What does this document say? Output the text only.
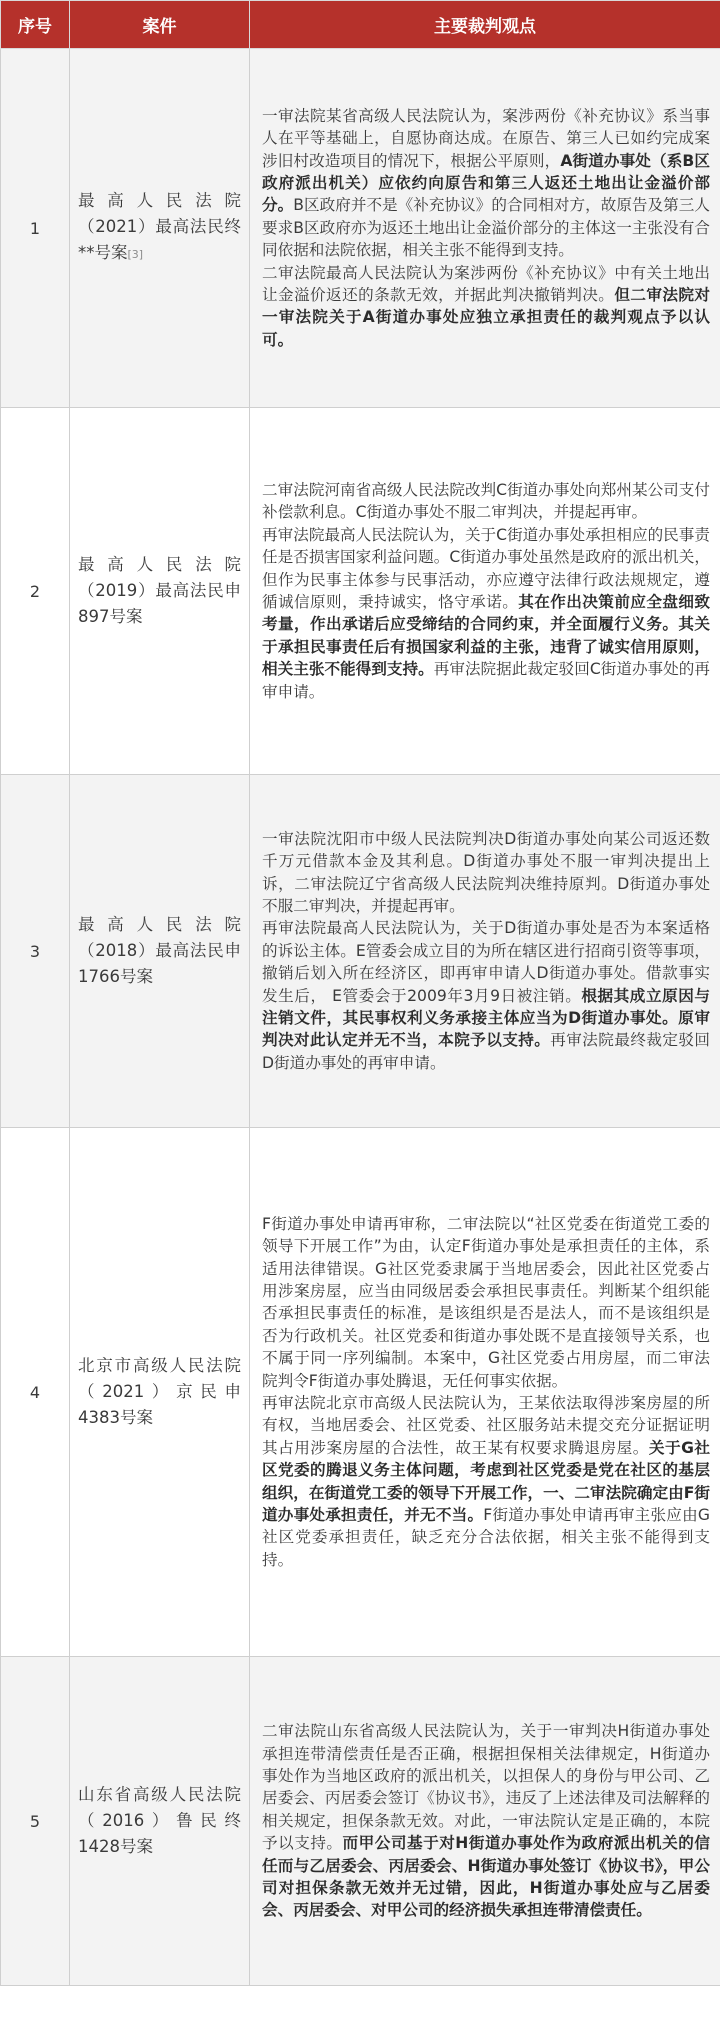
序号	案件	主要裁判观点
1	最高人民法院（2021）最高法民终**号案[3]	一审法院某省高级人民法院认为，案涉两份《补充协议》系当事人在平等基础上，自愿协商达成。在原告、第三人已如约完成案涉旧村改造项目的情况下，根据公平原则，A街道办事处（系B区政府派出机关）应依约向原告和第三人返还土地出让金溢价部分。B区政府并不是《补充协议》的合同相对方，故原告及第三人要求B区政府亦为返还土地出让金溢价部分的主体这一主张没有合同依据和法院依据，相关主张不能得到支持。

二审法院最高人民法院认为案涉两份《补充协议》中有关土地出让金溢价返还的条款无效，并据此判决撤销判决。但二审法院对一审法院关于A街道办事处应独立承担责任的裁判观点予以认可。

2	最高人民法院（2019）最高法民申897号案	二审法院河南省高级人民法院改判C街道办事处向郑州某公司支付补偿款利息。C街道办事处不服二审判决，并提起再审。

再审法院最高人民法院认为，关于C街道办事处承担相应的民事责任是否损害国家利益问题。C街道办事处虽然是政府的派出机关，但作为民事主体参与民事活动，亦应遵守法律行政法规规定，遵循诚信原则，秉持诚实，恪守承诺。其在作出决策前应全盘细致考量，作出承诺后应受缔结的合同约束，并全面履行义务。其关于承担民事责任后有损国家利益的主张，违背了诚实信用原则，相关主张不能得到支持。再审法院据此裁定驳回C街道办事处的再审申请。

3	最高人民法院（2018）最高法民申1766号案	一审法院沈阳市中级人民法院判决D街道办事处向某公司返还数千万元借款本金及其利息。D街道办事处不服一审判决提出上诉，二审法院辽宁省高级人民法院判决维持原判。D街道办事处不服二审判决，并提起再审。

再审法院最高人民法院认为，关于D街道办事处是否为本案适格的诉讼主体。E管委会成立目的为所在辖区进行招商引资等事项，撤销后划入所在经济区，即再审申请人D街道办事处。借款事实发生后， E管委会于2009年3月9日被注销。根据其成立原因与注销文件，其民事权利义务承接主体应当为D街道办事处。原审判决对此认定并无不当，本院予以支持。再审法院最终裁定驳回D街道办事处的再审申请。

4	北京市高级人民法院（2021）京民申4383号案	F街道办事处申请再审称，二审法院以“社区党委在街道党工委的领导下开展工作”为由，认定F街道办事处是承担责任的主体，系适用法律错误。G社区党委隶属于当地居委会，因此社区党委占用涉案房屋，应当由同级居委会承担民事责任。判断某个组织能否承担民事责任的标准，是该组织是否是法人，而不是该组织是否为行政机关。社区党委和街道办事处既不是直接领导关系，也不属于同一序列编制。本案中，G社区党委占用房屋，而二审法院判令F街道办事处腾退，无任何事实依据。

再审法院北京市高级人民法院认为，王某依法取得涉案房屋的所有权，当地居委会、社区党委、社区服务站未提交充分证据证明其占用涉案房屋的合法性，故王某有权要求腾退房屋。关于G社区党委的腾退义务主体问题，考虑到社区党委是党在社区的基层组织，在街道党工委的领导下开展工作，一、二审法院确定由F街道办事处承担责任，并无不当。F街道办事处申请再审主张应由G社区党委承担责任，缺乏充分合法依据，相关主张不能得到支持。

5	山东省高级人民法院（2016）鲁民终1428号案	二审法院山东省高级人民法院认为，关于一审判决H街道办事处承担连带清偿责任是否正确，根据担保相关法律规定，H街道办事处作为当地区政府的派出机关，以担保人的身份与甲公司、乙居委会、丙居委会签订《协议书》，违反了上述法律及司法解释的相关规定，担保条款无效。对此，一审法院认定是正确的，本院予以支持。而甲公司基于对H街道办事处作为政府派出机关的信任而与乙居委会、丙居委会、H街道办事处签订《协议书》，甲公司对担保条款无效并无过错，因此，H街道办事处应与乙居委会、丙居委会、对甲公司的经济损失承担连带清偿责任。
